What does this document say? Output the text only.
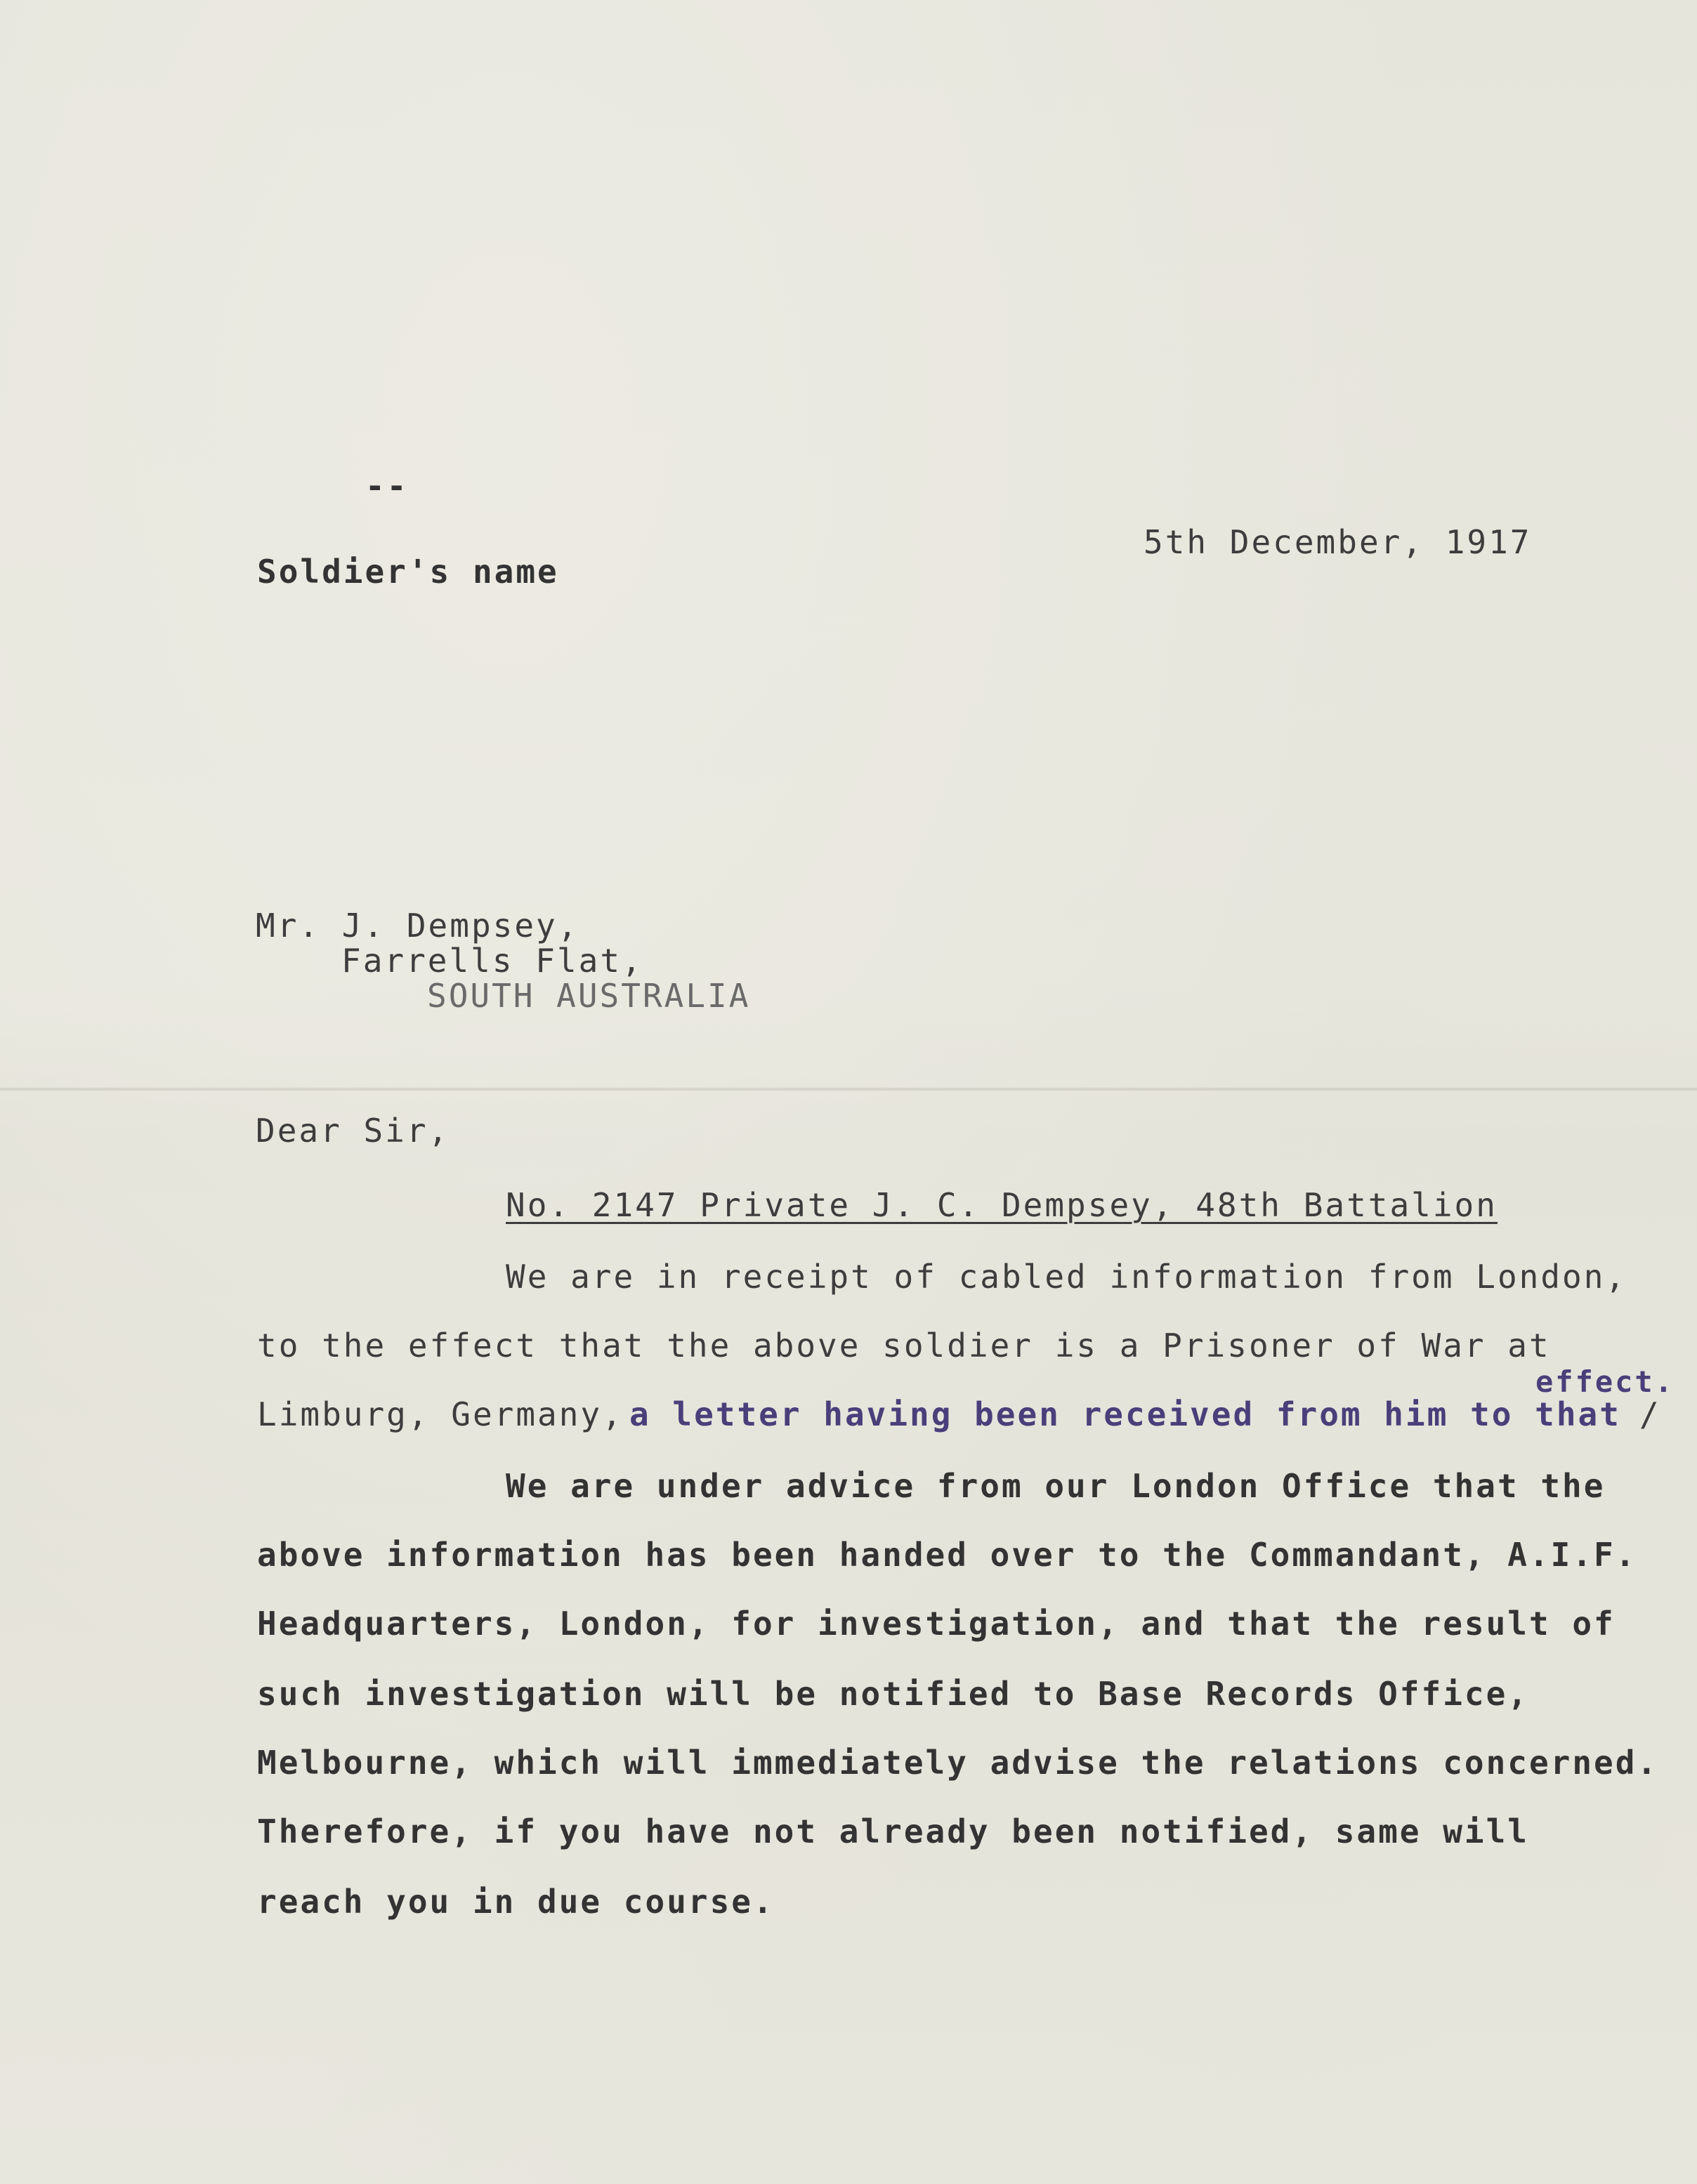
--
5th December, 1917
Soldier's name
Mr. J. Dempsey,
Farrells Flat,
SOUTH AUSTRALIA
Dear Sir,
No. 2147 Private J. C. Dempsey, 48th Battalion
We are in receipt of cabled information from London,
to the effect that the above soldier is a Prisoner of War at
effect.
Limburg, Germany, a letter having been received from him to that /
We are under advice from our London Office that the
above information has been handed over to the Commandant, A.I.F.
Headquarters, London, for investigation, and that the result of
such investigation will be notified to Base Records Office,
Melbourne, which will immediately advise the relations concerned.
Therefore, if you have not already been notified, same will
reach you in due course.
